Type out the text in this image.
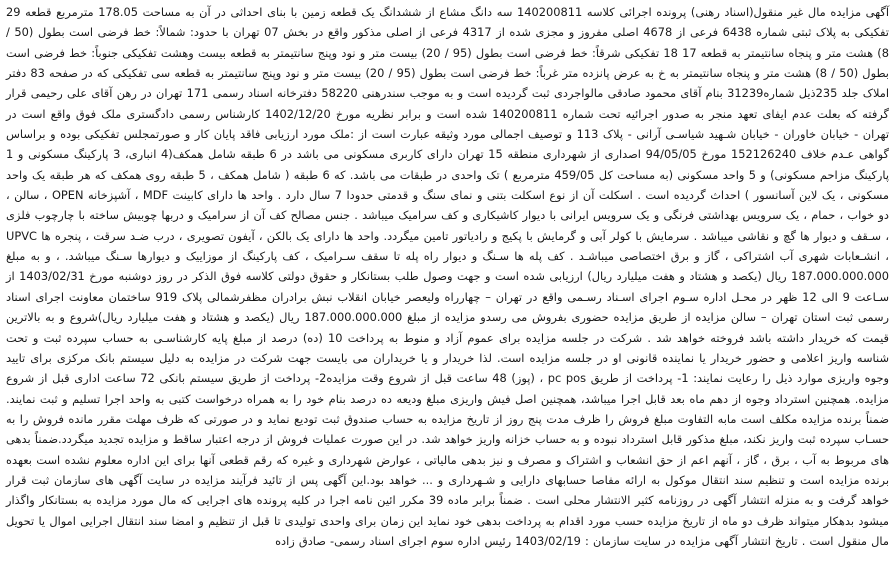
آگهی مزایده مال غیر منقول(اسناد رهنی) پرونده اجرائی کلاسه 140200811 سه دانگ مشاع از ششدانگ یک قطعه زمین با بنای احداثی در آن به مساحت 178.05 مترمربع قطعه 29 تفکیکی به پلاک ثبتی شماره 6438 فرعی از 4678 اصلی مفروز و مجزی شده از 4317 فرعی از اصلی مذکور واقع در بخش 07 تهران با حدود: شمالاً: خط فرضی است بطول (50 / 8) هشت متر و پنجاه سانتیمتر به قطعه 17 18 تفکیکی شرقاً: خط فرضی است بطول (95 / 20) بیست متر و نود وپنج سانتیمتر به قطعه بیست وهشت تفکیکی جنوباً: خط فرضی است بطول (50 / 8) هشت متر و پنجاه سانتیمتر به خ به عرض پانزده متر غرباً: خط فرضی است بطول (95 / 20) بیست متر و نود وپنج سانتیمتر به قطعه سی تفکیکی که در صفحه 83 دفتر املاک جلد 235ذیل شماره31239 بنام آقای محمود صادقی مالواجردی ثبت گردیده است و به موجب سندرهنی 58220 دفترخانه اسناد رسمی 171 تهران در رهن آقای علی رحیمی قرار گرفته که بعلت عدم ایفای تعهد منجر به صدور اجرائیه تحت شماره 140200811 شده است و برابر نظریه مورخ 1402/12/20 کارشناس رسمی دادگستری ملک فوق واقع است در تهران - خیابان خاوران - خیابان شـهید شیاسـی آرانی - پلاک 113 و توصیف اجمالی مورد وثیقه عبارت است از :ملک مورد ارزیابی فاقد پایان کار و صورتمجلس تفکیکی بوده و براساس گواهی عـدم خلاف 152126240 مورخ 94/05/05 اصداری از شهرداری منطقه 15 تهران دارای کاربری مسکونی می باشد در 6 طبقه شامل همکف(4 انباری، 3 پارکینگ مسکونی و 1 پارکینگ مزاحم مسکونی) و 5 واحد مسکونی (به مساحت کل 459/05 مترمربع ) تک واحدی در طبقات می باشد. که 6 طبقه ( شامل همکف ، 5 طبقه روی همکف که هر طبقه یک واحد مسکونی ، یک لاین آسانسور ) احداث گردیده است . اسکلت آن از نوع اسکلت بتنی و نمای سنگ و قدمتی حدودا 7 سال دارد . واحد ها دارای کابینت MDF ، آشپزخانه OPEN ، سالن ، دو خواب ، حمام ، یک سرویس بهداشتی فرنگی و یک سرویس ایرانی با دیوار کاشیکاری و کف سرامیک میباشد . جنس مصالح کف آن از سرامیک و دربها چوبیش ساخته با چارچوب فلزی ، سـقف و دیوار ها گچ و نقاشی میباشد . سرمایش با کولر آبی و گرمایش با پکیج و رادیاتور تامین میگردد. واحد ها دارای یک بالکن ، آیفون تصویری ، درب ضـد سرقت ، پنجره ها UPVC ، انشـعابات شهری آب اشتراکی ، گاز و برق اختصاصی میباشـد . کف پله ها سـنگ و دیوار راه پله تا سقف سـرامیک ، کف پارکینگ از موزاییک و دیوارها سـنگ میباشد. ، و به مبلغ 187.000.000.000 ریال (یکصد و هشتاد و هفت میلیارد ریال) ارزیابی شده است و جهت وصول طلب بستانکار و حقوق دولتی کلاسه فوق الذکر در روز دوشنبه مورخ 1403/02/31 از سـاعت 9 الی 12 ظهر در محـل اداره سـوم اجرای اسـناد رسـمی واقع در تهران – چهارراه ولیعصر خیابان انقلاب نبش برادران مظفرشمالی پلاک 919 ساختمان معاونت اجرای اسناد رسمی ثبت استان تهران – سالن مزایده از طریق مزایده حضوری بفروش می رسدو مزایده از مبلغ 187.000.000.000 ریال (یکصد و هشتاد و هفت میلیارد ریال)شروع و به بالاترین قیمت که خریدار داشته باشد فروخته خواهد شد . شرکت در جلسه مزایده برای عموم آزاد و منوط به پرداخت 10 (ده) درصد از مبلغ پایه کارشناسـی به حساب سپرده ثبت و تحت شناسه واریز اعلامی و حضور خریدار یا نماینده قانونی او در جلسه مزایده است. لذا خریدار و یا خریداران می بایست جهت شرکت در مزایده به دلیل سیستم بانک مرکزی برای تایید وجوه واریزی موارد ذیل را رعایت نمایند: 1- پرداخت از طریق pc pos ، (پوز) 48 ساعت قبل از شروع وقت مزایده2- پرداخت از طریق سیستم بانکی 72 ساعت اداری قبل از شروع مزایده. همچنین استرداد وجوه از دهم ماه بعد قابل اجرا میباشد، همچنین اصل فیش واریزی مبلغ ودیعه ده درصد بنام خود را به همراه درخواست کتبی به واحد اجرا تسلیم و ثبت نمایند. ضمناً برنده مزایده مکلف است مابه التفاوت مبلغ فروش را ظرف مدت پنج روز از تاریخ مزایده به حساب صندوق ثبت تودیع نماید و در صورتی که ظرف مهلت مقرر مانده فروش را به حسـاب سپرده ثبت واریز نکند، مبلغ مذکور قابل استرداد نبوده و به حساب خزانه واریز خواهد شد. در این صورت عملیات فروش از درجه اعتبار ساقط و مزایده تجدید میگردد.ضمناً بدهی های مربوط به آب ، برق ، گاز ، آنهم اعم از حق انشعاب و اشتراک و مصرف و نیز بدهی مالیاتی ، عوارض شهرداری و غیره که رقم قطعی آنها برای این اداره معلوم نشده است بعهده برنده مزایده است و تنظیم سند انتقال موکول به ارائه مفاصا حسابهای دارایی و شـهرداری و ... خواهد بود.این آگهی پس از تائید فرآیند مزایده در سایت آگهی های سازمان ثبت قرار خواهد گرفت و به منزله انتشار آگهی در روزنامه کثیر الانتشار محلی است . ضمناً برابر ماده 39 مکرر ائین نامه اجرا در کلیه پرونده های اجرایی که مال مورد مزایده به بستانکار واگذار میشود بدهکار میتواند ظرف دو ماه از تاریخ مزایده حسب مورد اقدام به پرداخت بدهی خود نماید این زمان برای واحدی تولیدی تا قبل از تنظیم و امضا سند انتقال اجرایی اموال یا تحویل مال منقول است . تاریخ انتشار آگهی مزایده در سایت سازمان : 1403/02/19 رئیس اداره سوم اجرای اسناد رسمی- صادق زاده
